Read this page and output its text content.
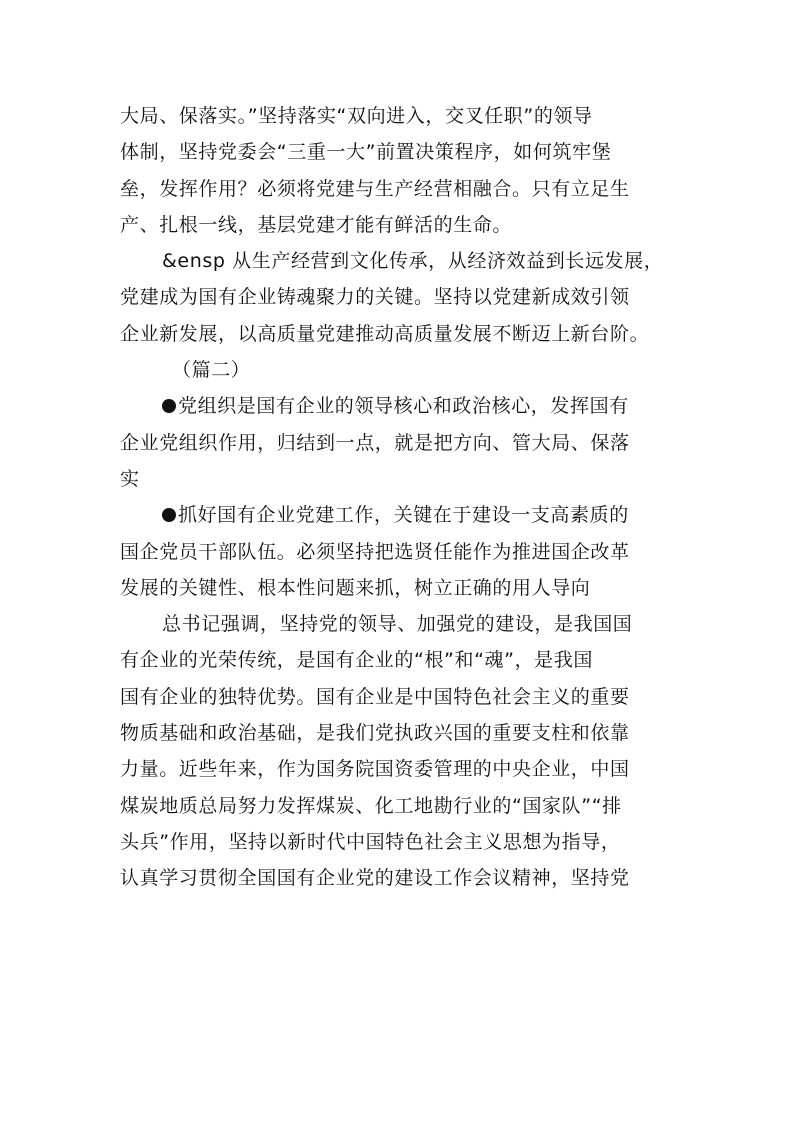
大局、保落实。”坚持落实“双向进入，交叉任职”的领导
体制，坚持党委会“三重一大”前置决策程序，如何筑牢堡
垒，发挥作用？必须将党建与生产经营相融合。只有立足生
产、扎根一线，基层党建才能有鲜活的生命。
&ensp 从生产经营到文化传承，从经济效益到长远发展，
党建成为国有企业铸魂聚力的关键。坚持以党建新成效引领
企业新发展，以高质量党建推动高质量发展不断迈上新台阶。
（篇二）
党组织是国有企业的领导核心和政治核心，发挥国有
企业党组织作用，归结到一点，就是把方向、管大局、保落
实
抓好国有企业党建工作，关键在于建设一支高素质的
国企党员干部队伍。必须坚持把选贤任能作为推进国企改革
发展的关键性、根本性问题来抓，树立正确的用人导向
总书记强调，坚持党的领导、加强党的建设，是我国国
有企业的光荣传统，是国有企业的“根”和“魂”，是我国
国有企业的独特优势。国有企业是中国特色社会主义的重要
物质基础和政治基础，是我们党执政兴国的重要支柱和依靠
力量。近些年来，作为国务院国资委管理的中央企业，中国
煤炭地质总局努力发挥煤炭、化工地勘行业的“国家队”“排
头兵”作用，坚持以新时代中国特色社会主义思想为指导，
认真学习贯彻全国国有企业党的建设工作会议精神，坚持党
